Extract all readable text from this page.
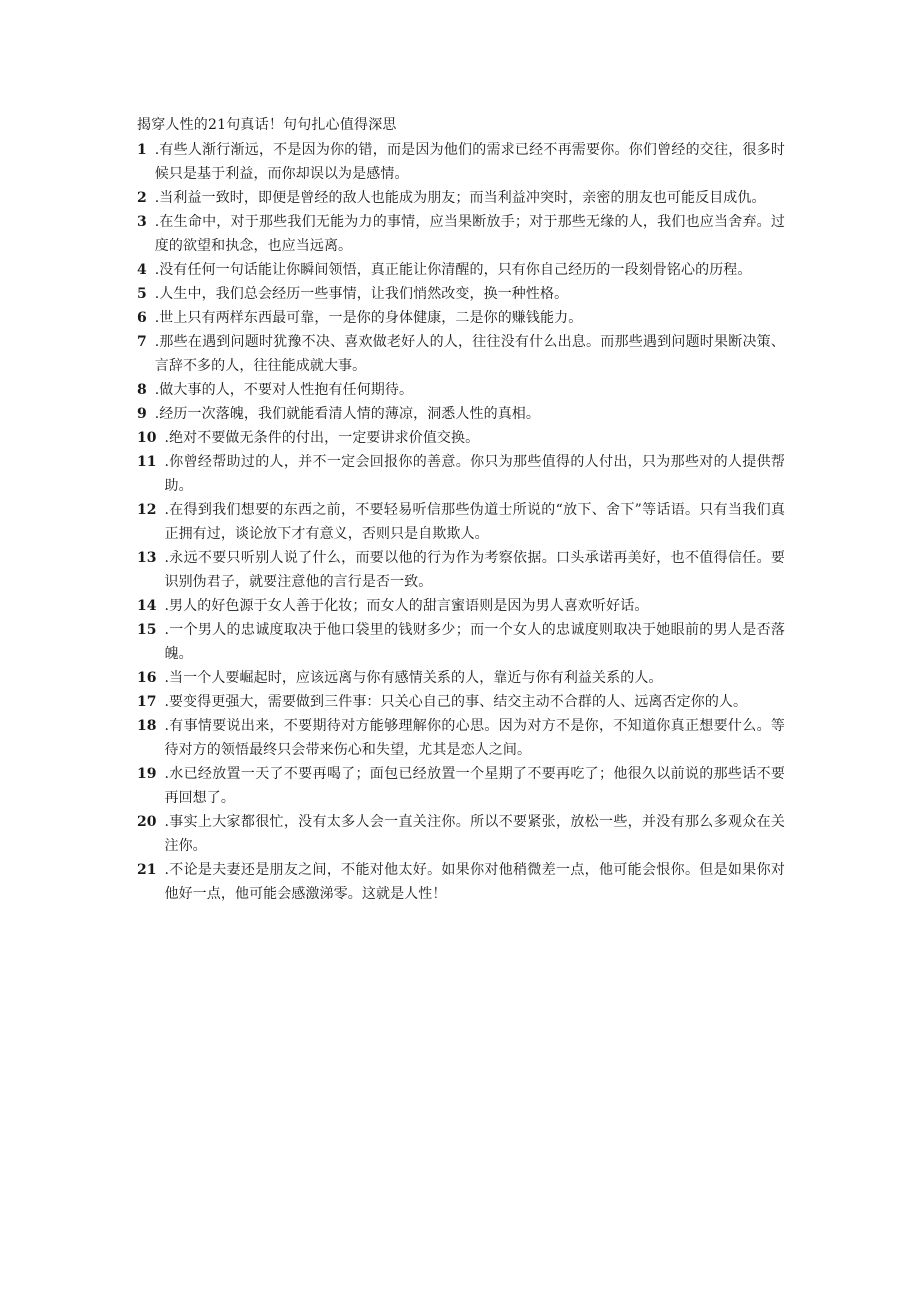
揭穿人性的21句真话！句句扎心值得深思

1 .有些人渐行渐远，不是因为你的错，而是因为他们的需求已经不再需要你。你们曾经的交往，很多时候只是基于利益，而你却误以为是感情。

2 .当利益一致时，即便是曾经的敌人也能成为朋友；而当利益冲突时，亲密的朋友也可能反目成仇。

3 .在生命中，对于那些我们无能为力的事情，应当果断放手；对于那些无缘的人，我们也应当舍弃。过度的欲望和执念，也应当远离。

4 .没有任何一句话能让你瞬间领悟，真正能让你清醒的，只有你自己经历的一段刻骨铭心的历程。

5 .人生中，我们总会经历一些事情，让我们悄然改变，换一种性格。

6 .世上只有两样东西最可靠，一是你的身体健康，二是你的赚钱能力。

7 .那些在遇到问题时犹豫不决、喜欢做老好人的人，往往没有什么出息。而那些遇到问题时果断决策、言辞不多的人，往往能成就大事。

8 .做大事的人，不要对人性抱有任何期待。

9 .经历一次落魄，我们就能看清人情的薄凉，洞悉人性的真相。

10 .绝对不要做无条件的付出，一定要讲求价值交换。

11 .你曾经帮助过的人，并不一定会回报你的善意。你只为那些值得的人付出，只为那些对的人提供帮助。

12 .在得到我们想要的东西之前，不要轻易听信那些伪道士所说的“放下、舍下”等话语。只有当我们真正拥有过，谈论放下才有意义，否则只是自欺欺人。

13 .永远不要只听别人说了什么，而要以他的行为作为考察依据。口头承诺再美好，也不值得信任。要识别伪君子，就要注意他的言行是否一致。

14 .男人的好色源于女人善于化妆；而女人的甜言蜜语则是因为男人喜欢听好话。

15 .一个男人的忠诚度取决于他口袋里的钱财多少；而一个女人的忠诚度则取决于她眼前的男人是否落魄。

16 .当一个人要崛起时，应该远离与你有感情关系的人，靠近与你有利益关系的人。

17 .要变得更强大，需要做到三件事：只关心自己的事、结交主动不合群的人、远离否定你的人。

18 .有事情要说出来，不要期待对方能够理解你的心思。因为对方不是你，不知道你真正想要什么。等待对方的领悟最终只会带来伤心和失望，尤其是恋人之间。

19 .水已经放置一天了不要再喝了；面包已经放置一个星期了不要再吃了；他很久以前说的那些话不要再回想了。

20 .事实上大家都很忙，没有太多人会一直关注你。所以不要紧张，放松一些，并没有那么多观众在关注你。

21 .不论是夫妻还是朋友之间，不能对他太好。如果你对他稍微差一点，他可能会恨你。但是如果你对他好一点，他可能会感激涕零。这就是人性！
